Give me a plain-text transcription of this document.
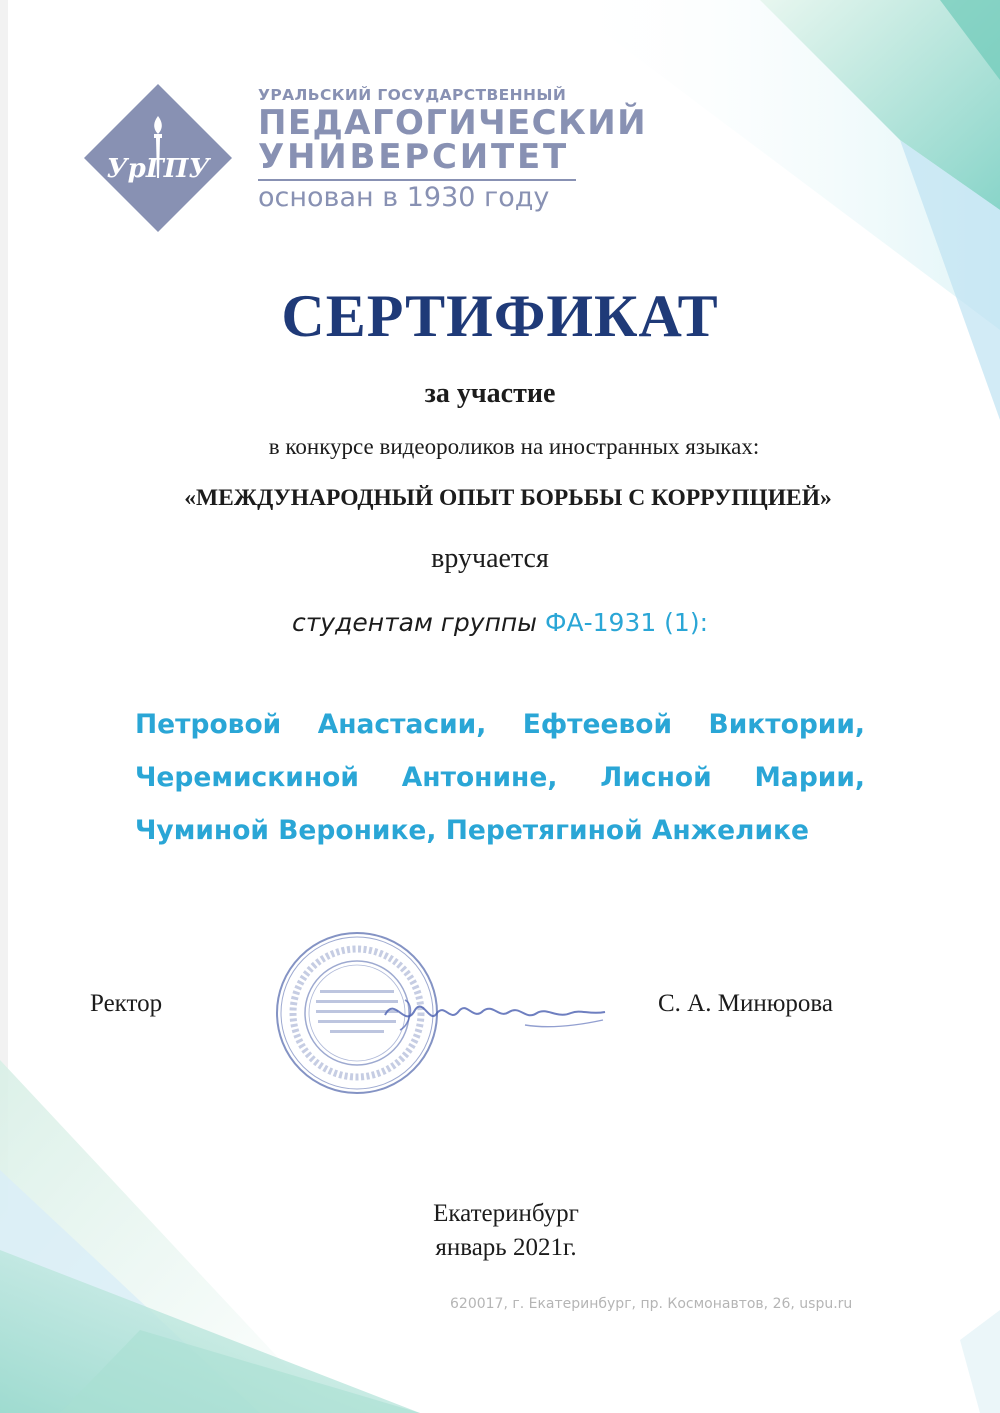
УрГПУ
УРАЛЬСКИЙ ГОСУДАРСТВЕННЫЙ
ПЕДАГОГИЧЕСКИЙ
УНИВЕРСИТЕТ
основан в 1930 году
СЕРТИФИКАТ
за участие
в конкурсе видеороликов на иностранных языках:
«МЕЖДУНАРОДНЫЙ ОПЫТ БОРЬБЫ С КОРРУПЦИЕЙ»
вручается
студентам группы ФА-1931 (1):
Петровой Анастасии, Ефтеевой Виктории,
Черемискиной Антонине, Лисной Марии,
Чуминой Веронике, Перетягиной Анжелике
Ректор	С. А. Минюрова
Екатеринбург
январь 2021г.
620017, г. Екатеринбург, пр. Космонавтов, 26, uspu.ru
